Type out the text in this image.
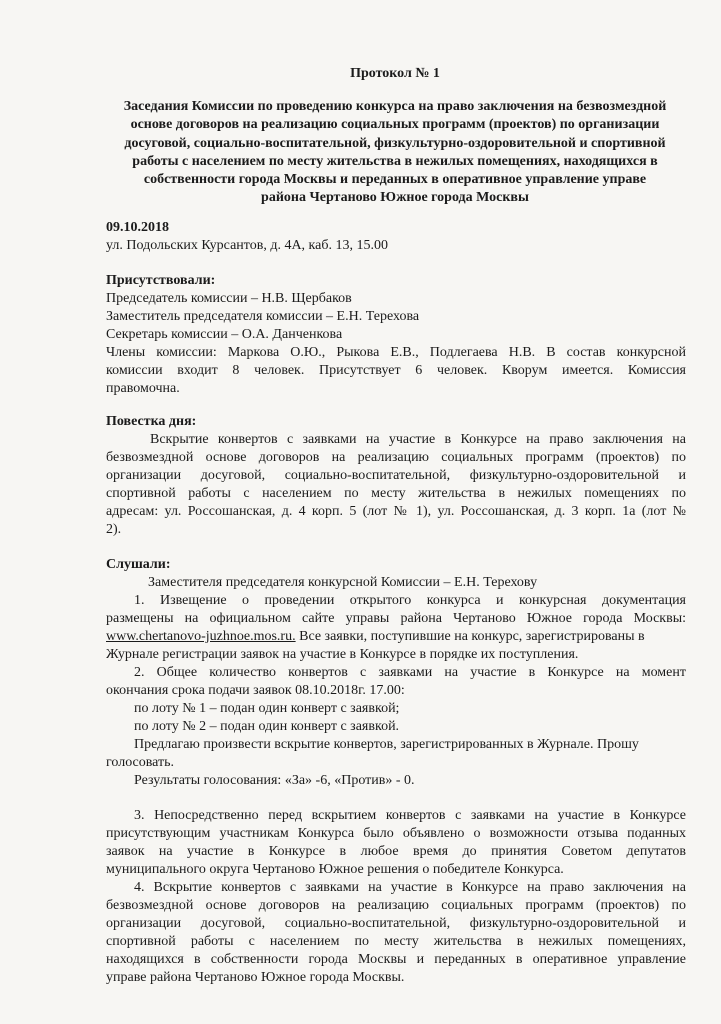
Протокол № 1
Заседания Комиссии по проведению конкурса на право заключения на безвозмездной
основе договоров на реализацию социальных программ (проектов) по организации
досуговой, социально-воспитательной, физкультурно-оздоровительной и спортивной
работы с населением по месту жительства в нежилых помещениях, находящихся в
собственности города Москвы и переданных в оперативное управление управе
района Чертаново Южное города Москвы
09.10.2018
ул. Подольских Курсантов, д. 4А, каб. 13, 15.00
Присутствовали:
Председатель комиссии – Н.В. Щербаков
Заместитель председателя комиссии – Е.Н. Терехова
Секретарь комиссии – О.А. Данченкова
Члены комиссии: Маркова О.Ю., Рыкова Е.В., Подлегаева Н.В. В состав конкурсной
комиссии входит 8 человек. Присутствует 6 человек. Кворум имеется. Комиссия
правомочна.
Повестка дня:
Вскрытие конвертов с заявками на участие в Конкурсе на право заключения на
безвозмездной основе договоров на реализацию социальных программ (проектов) по
организации досуговой, социально-воспитательной, физкультурно-оздоровительной и
спортивной работы с населением по месту жительства в нежилых помещениях по
адресам: ул. Россошанская, д. 4 корп. 5 (лот № 1), ул. Россошанская, д. 3 корп. 1а (лот №
2).
Слушали:
Заместителя председателя конкурсной Комиссии – Е.Н. Терехову
1. Извещение о проведении открытого конкурса и конкурсная документация
размещены на официальном сайте управы района Чертаново Южное города Москвы:
www.chertanovo-juzhnoe.mos.ru. Все заявки, поступившие на конкурс, зарегистрированы в
Журнале регистрации заявок на участие в Конкурсе в порядке их поступления.
2. Общее количество конвертов с заявками на участие в Конкурсе на момент
окончания срока подачи заявок 08.10.2018г. 17.00:
по лоту № 1 – подан один конверт с заявкой;
по лоту № 2 – подан один конверт с заявкой.
Предлагаю произвести вскрытие конвертов, зарегистрированных в Журнале. Прошу
голосовать.
Результаты голосования: «За» -6, «Против» - 0.
3. Непосредственно перед вскрытием конвертов с заявками на участие в Конкурсе
присутствующим участникам Конкурса было объявлено о возможности отзыва поданных
заявок на участие в Конкурсе в любое время до принятия Советом депутатов
муниципального округа Чертаново Южное решения о победителе Конкурса.
4. Вскрытие конвертов с заявками на участие в Конкурсе на право заключения на
безвозмездной основе договоров на реализацию социальных программ (проектов) по
организации досуговой, социально-воспитательной, физкультурно-оздоровительной и
спортивной работы с населением по месту жительства в нежилых помещениях,
находящихся в собственности города Москвы и переданных в оперативное управление
управе района Чертаново Южное города Москвы.
